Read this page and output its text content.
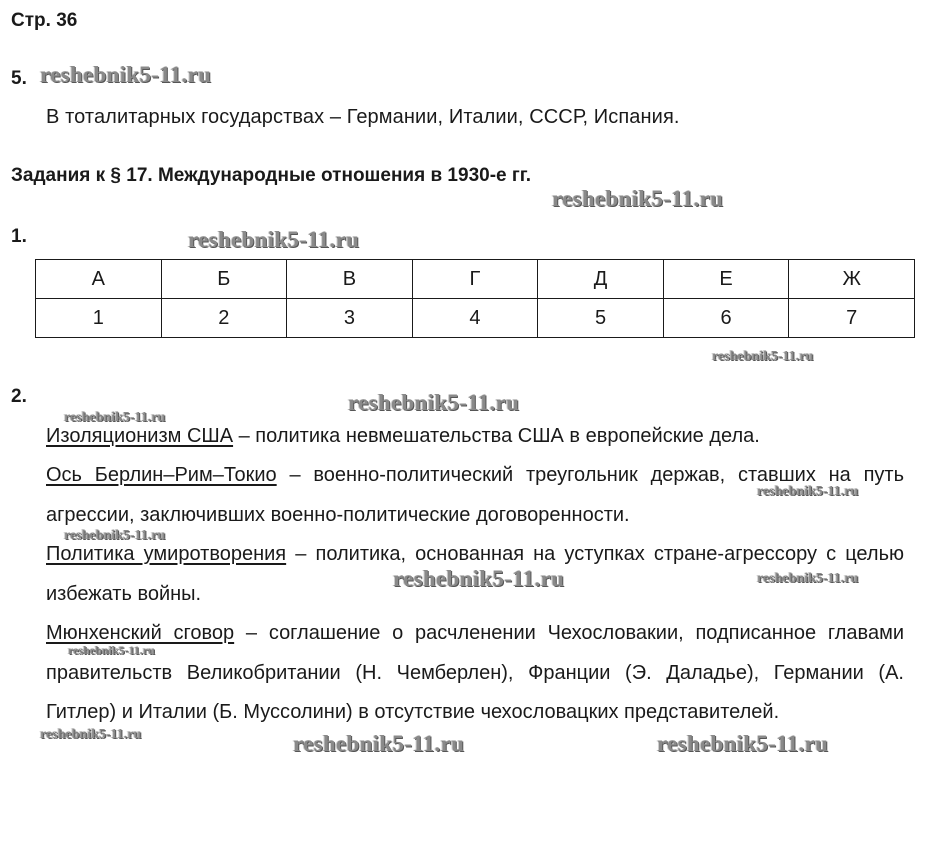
Стр. 36
5.
В тоталитарных государствах – Германии, Италии, СССР, Испания.
Задания к § 17. Международные отношения в 1930-е гг.
1.
А	Б	В	Г	Д	Е	Ж
1	2	3	4	5	6	7
2.
Изоляционизм США – политика невмешательства США в европейские дела.
Ось Берлин–Рим–Токио – военно-политический треугольник держав, ставших на путь агрессии, заключивших военно-политические договоренности.
Политика умиротворения – политика, основанная на уступках стране-агрессору с целью избежать войны.
Мюнхенский сговор – соглашение о расчленении Чехословакии, подписанное главами правительств Великобритании (Н. Чемберлен), Франции (Э. Даладье), Германии (А. Гитлер) и Италии (Б. Муссолини) в отсутствие чехословацких представителей.
reshebnik5-11.ru
reshebnik5-11.ru
reshebnik5-11.ru
reshebnik5-11.ru
reshebnik5-11.ru
reshebnik5-11.ru
reshebnik5-11.ru
reshebnik5-11.ru
reshebnik5-11.ru	reshebnik5-11.ru
reshebnik5-11.ru
reshebnik5-11.ru	reshebnik5-11.ru	reshebnik5-11.ru
